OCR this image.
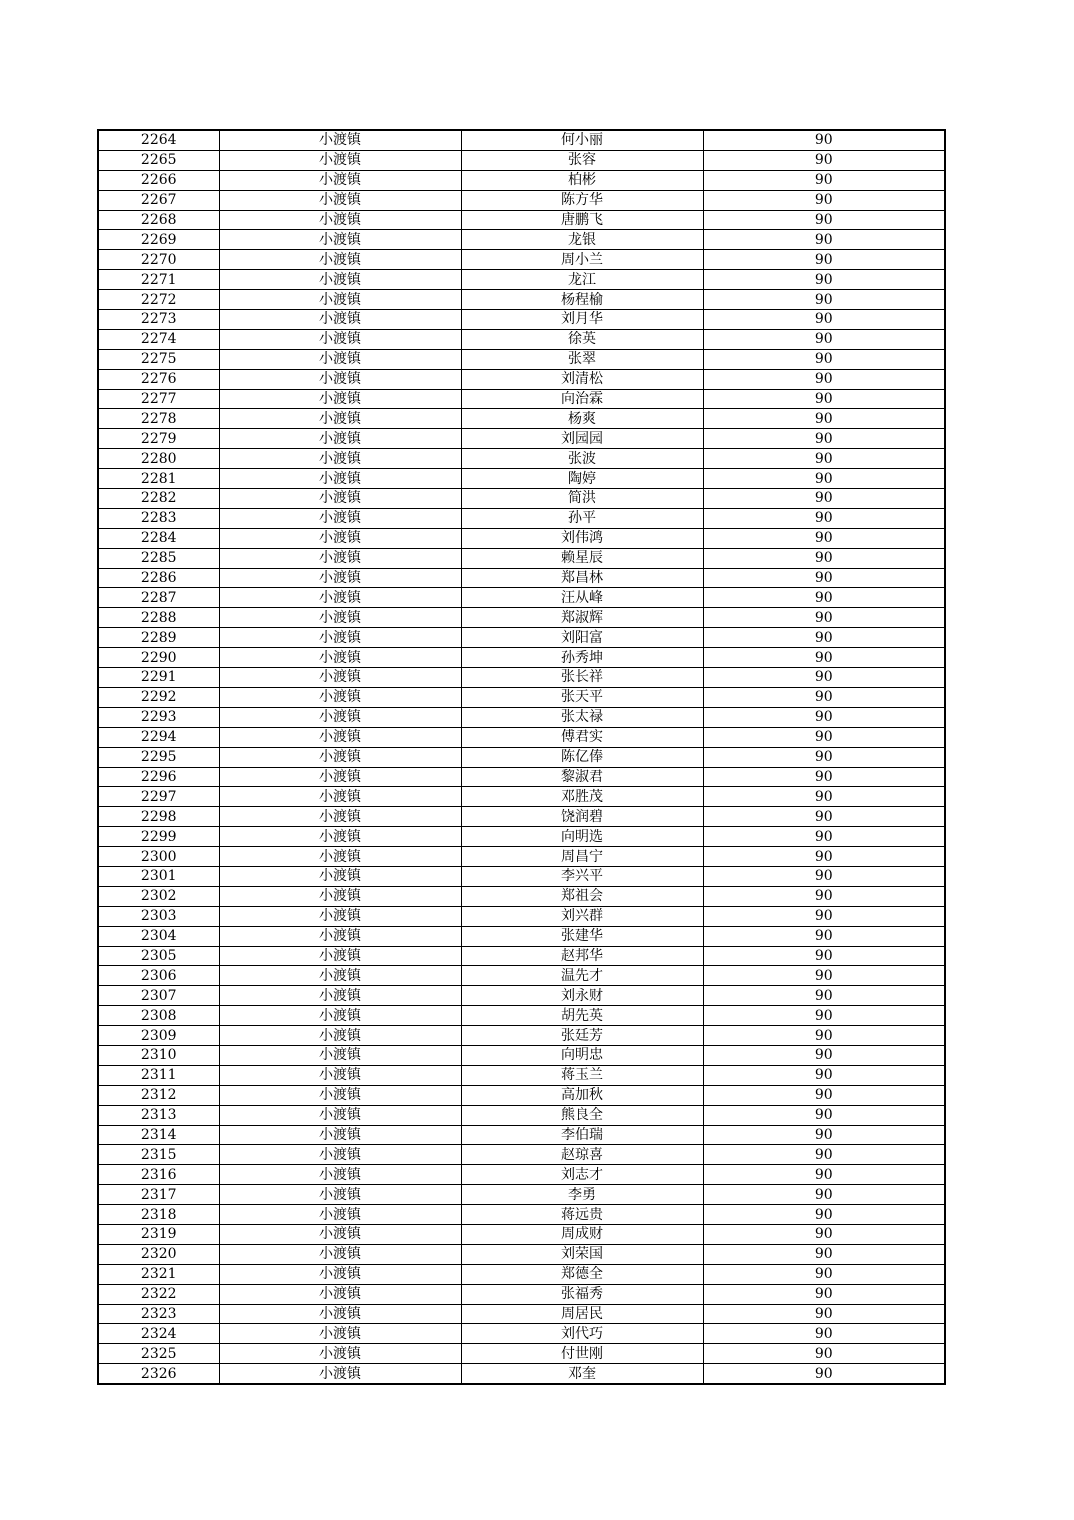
2264	小渡镇	何小丽	90
2265	小渡镇	张容	90
2266	小渡镇	柏彬	90
2267	小渡镇	陈方华	90
2268	小渡镇	唐鹏飞	90
2269	小渡镇	龙银	90
2270	小渡镇	周小兰	90
2271	小渡镇	龙江	90
2272	小渡镇	杨程榆	90
2273	小渡镇	刘月华	90
2274	小渡镇	徐英	90
2275	小渡镇	张翠	90
2276	小渡镇	刘清松	90
2277	小渡镇	向治霖	90
2278	小渡镇	杨爽	90
2279	小渡镇	刘园园	90
2280	小渡镇	张波	90
2281	小渡镇	陶婷	90
2282	小渡镇	简洪	90
2283	小渡镇	孙平	90
2284	小渡镇	刘伟鸿	90
2285	小渡镇	赖星辰	90
2286	小渡镇	郑昌林	90
2287	小渡镇	汪从峰	90
2288	小渡镇	郑淑辉	90
2289	小渡镇	刘阳富	90
2290	小渡镇	孙秀坤	90
2291	小渡镇	张长祥	90
2292	小渡镇	张天平	90
2293	小渡镇	张太禄	90
2294	小渡镇	傅君实	90
2295	小渡镇	陈亿俸	90
2296	小渡镇	黎淑君	90
2297	小渡镇	邓胜茂	90
2298	小渡镇	饶润碧	90
2299	小渡镇	向明选	90
2300	小渡镇	周昌宁	90
2301	小渡镇	李兴平	90
2302	小渡镇	郑祖会	90
2303	小渡镇	刘兴群	90
2304	小渡镇	张建华	90
2305	小渡镇	赵邦华	90
2306	小渡镇	温先才	90
2307	小渡镇	刘永财	90
2308	小渡镇	胡先英	90
2309	小渡镇	张廷芳	90
2310	小渡镇	向明忠	90
2311	小渡镇	蒋玉兰	90
2312	小渡镇	高加秋	90
2313	小渡镇	熊良全	90
2314	小渡镇	李伯瑞	90
2315	小渡镇	赵琼喜	90
2316	小渡镇	刘志才	90
2317	小渡镇	李勇	90
2318	小渡镇	蒋远贵	90
2319	小渡镇	周成财	90
2320	小渡镇	刘荣国	90
2321	小渡镇	郑德全	90
2322	小渡镇	张福秀	90
2323	小渡镇	周居民	90
2324	小渡镇	刘代巧	90
2325	小渡镇	付世刚	90
2326	小渡镇	邓奎	90
